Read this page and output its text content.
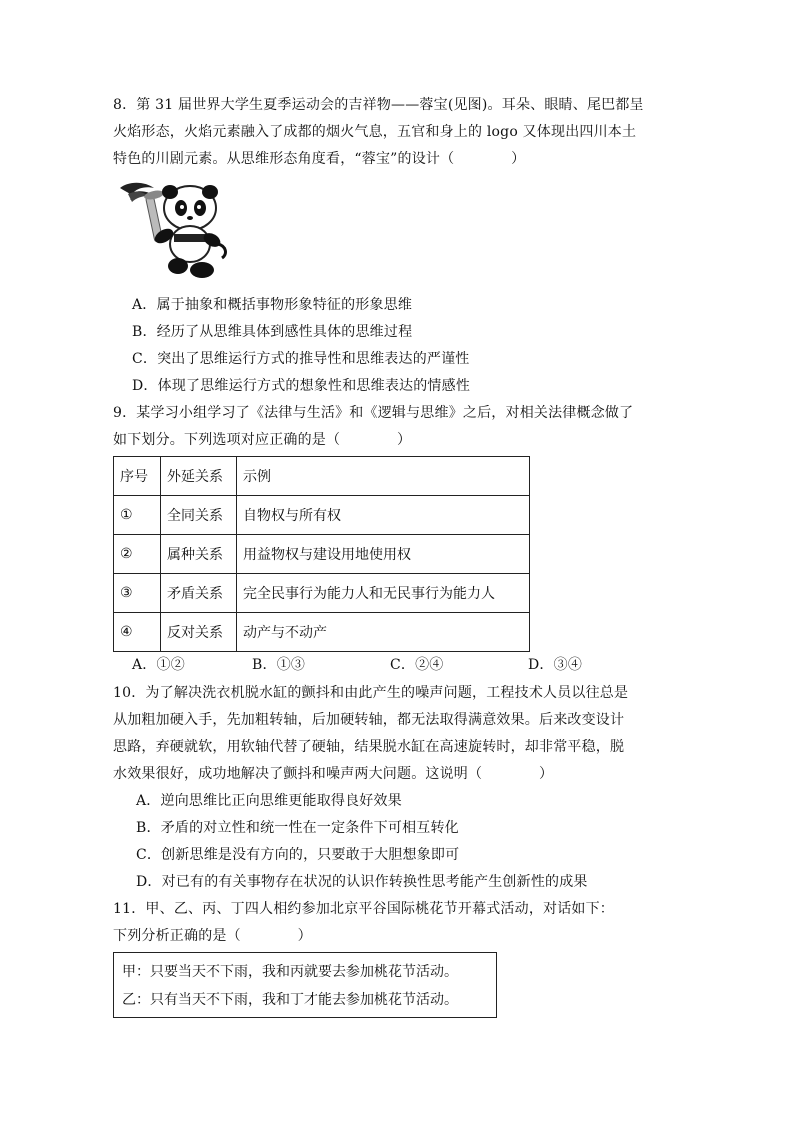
8．第 31 届世界大学生夏季运动会的吉祥物——蓉宝(见图)。耳朵、眼睛、尾巴都呈
火焰形态，火焰元素融入了成都的烟火气息，五官和身上的 logo 又体现出四川本土
特色的川剧元素。从思维形态角度看，“蓉宝”的设计（　　　　）
A．属于抽象和概括事物形象特征的形象思维
B．经历了从思维具体到感性具体的思维过程
C．突出了思维运行方式的推导性和思维表达的严谨性
D．体现了思维运行方式的想象性和思维表达的情感性
9．某学习小组学习了《法律与生活》和《逻辑与思维》之后，对相关法律概念做了
如下划分。下列选项对应正确的是（　　　　）
序号	外延关系	示例
①	全同关系	自物权与所有权
②	属种关系	用益物权与建设用地使用权
③	矛盾关系	完全民事行为能力人和无民事行为能力人
④	反对关系	动产与不动产
A．①②	B．①③	C．②④	D．③④
10．为了解决洗衣机脱水缸的颤抖和由此产生的噪声问题，工程技术人员以往总是
从加粗加硬入手，先加粗转轴，后加硬转轴，都无法取得满意效果。后来改变设计
思路，弃硬就软，用软轴代替了硬轴，结果脱水缸在高速旋转时，却非常平稳，脱
水效果很好，成功地解决了颤抖和噪声两大问题。这说明（　　　　）
A．逆向思维比正向思维更能取得良好效果
B．矛盾的对立性和统一性在一定条件下可相互转化
C．创新思维是没有方向的，只要敢于大胆想象即可
D．对已有的有关事物存在状况的认识作转换性思考能产生创新性的成果
11．甲、乙、丙、丁四人相约参加北京平谷国际桃花节开幕式活动，对话如下：
下列分析正确的是（　　　　）
甲：只要当天不下雨，我和丙就要去参加桃花节活动。
乙：只有当天不下雨，我和丁才能去参加桃花节活动。
